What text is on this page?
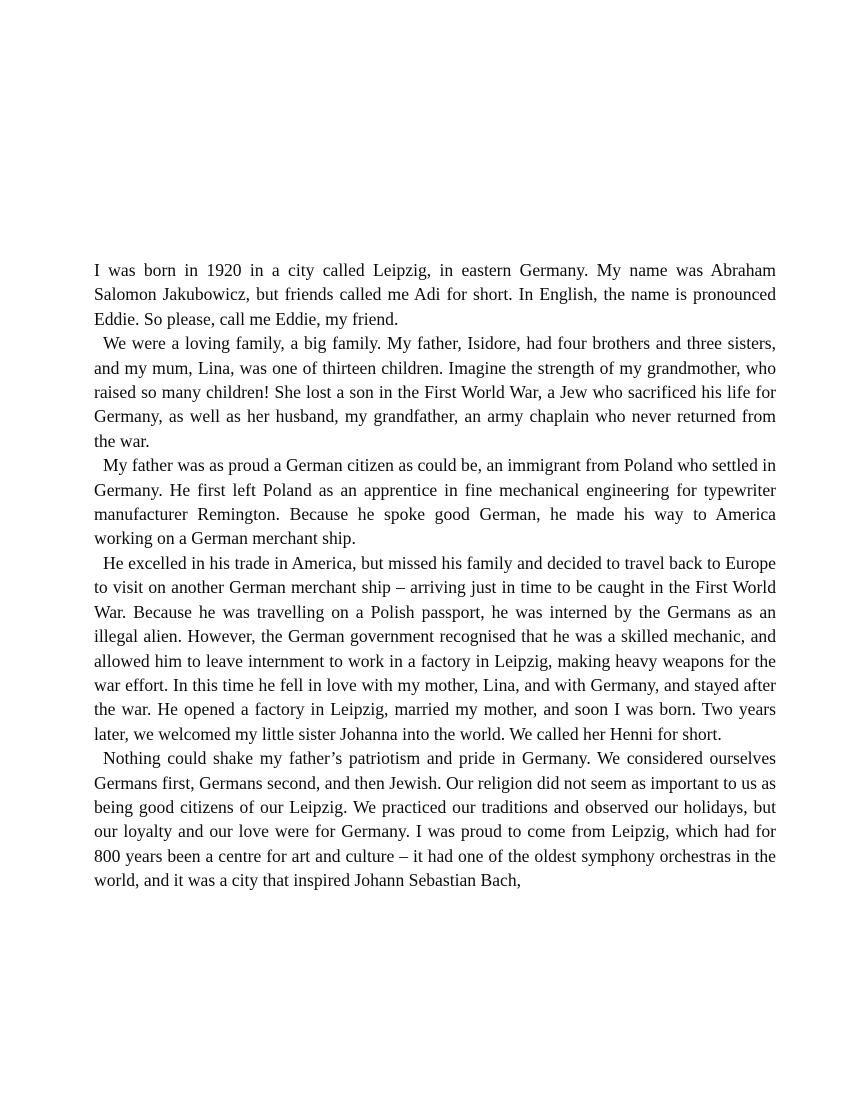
I was born in 1920 in a city called Leipzig, in eastern Germany. My name was Abraham Salomon Jakubowicz, but friends called me Adi for short. In English, the name is pronounced Eddie. So please, call me Eddie, my friend.

We were a loving family, a big family. My father, Isidore, had four brothers and three sisters, and my mum, Lina, was one of thirteen children. Imagine the strength of my grandmother, who raised so many children! She lost a son in the First World War, a Jew who sacrificed his life for Germany, as well as her husband, my grandfather, an army chaplain who never returned from the war.

My father was as proud a German citizen as could be, an immigrant from Poland who settled in Germany. He first left Poland as an apprentice in fine mechanical engineering for typewriter manufacturer Remington. Because he spoke good German, he made his way to America working on a German merchant ship.

He excelled in his trade in America, but missed his family and decided to travel back to Europe to visit on another German merchant ship – arriving just in time to be caught in the First World War. Because he was travelling on a Polish passport, he was interned by the Germans as an illegal alien. However, the German government recognised that he was a skilled mechanic, and allowed him to leave internment to work in a factory in Leipzig, making heavy weapons for the war effort. In this time he fell in love with my mother, Lina, and with Germany, and stayed after the war. He opened a factory in Leipzig, married my mother, and soon I was born. Two years later, we welcomed my little sister Johanna into the world. We called her Henni for short.

Nothing could shake my father’s patriotism and pride in Germany. We considered ourselves Germans first, Germans second, and then Jewish. Our religion did not seem as important to us as being good citizens of our Leipzig. We practiced our traditions and observed our holidays, but our loyalty and our love were for Germany. I was proud to come from Leipzig, which had for 800 years been a centre for art and culture – it had one of the oldest symphony orchestras in the world, and it was a city that inspired Johann Sebastian Bach,
